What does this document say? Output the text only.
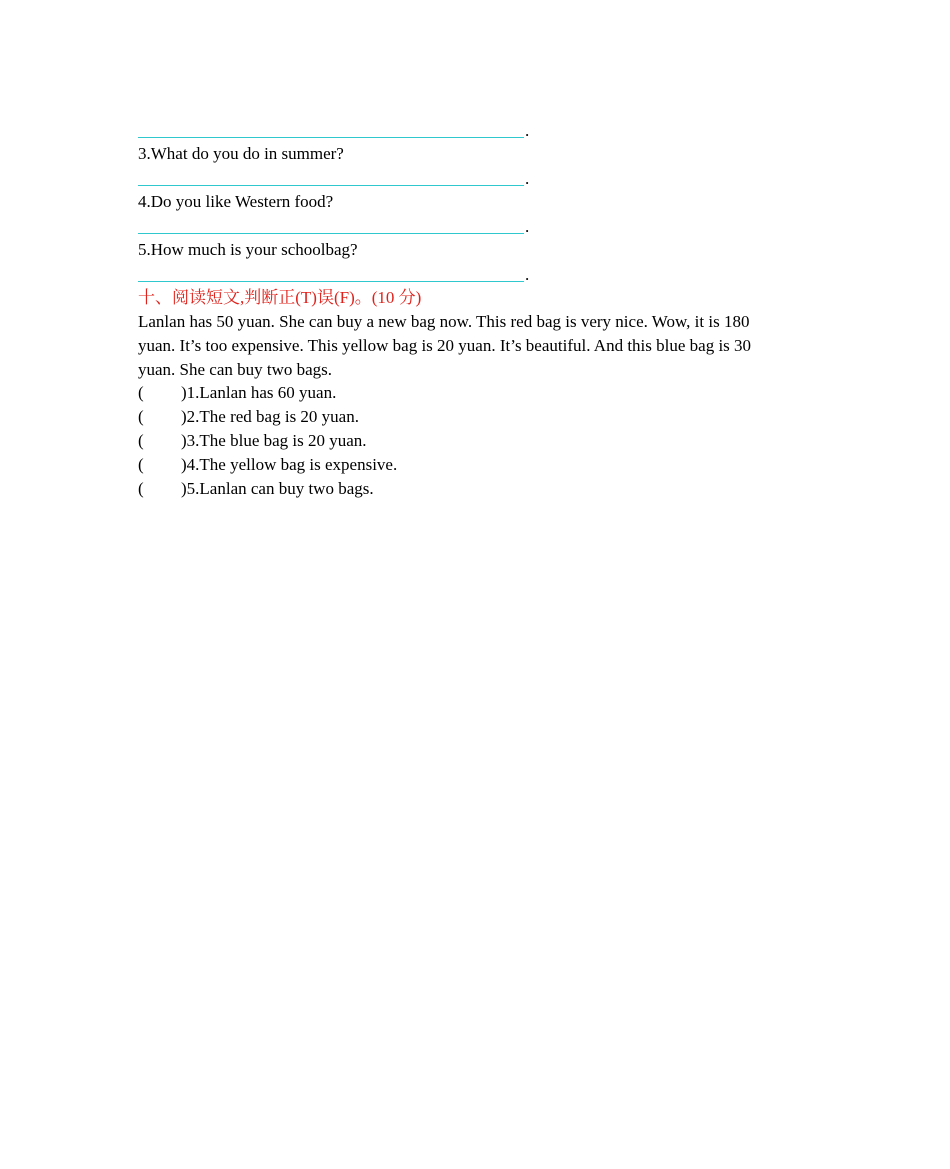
.
3.What do you do in summer?
.
4.Do you like Western food?
.
5.How much is your schoolbag?
.
十、阅读短文,判断正(T)误(F)。(10 分)

Lanlan has 50 yuan. She can buy a new bag now. This red bag is very nice. Wow, it is 180

yuan. It’s too expensive. This yellow bag is 20 yuan. It’s beautiful. And this blue bag is 30

yuan. She can buy two bags.

( )1.Lanlan has 60 yuan.
( )2.The red bag is 20 yuan.
( )3.The blue bag is 20 yuan.
( )4.The yellow bag is expensive.
( )5.Lanlan can buy two bags.
